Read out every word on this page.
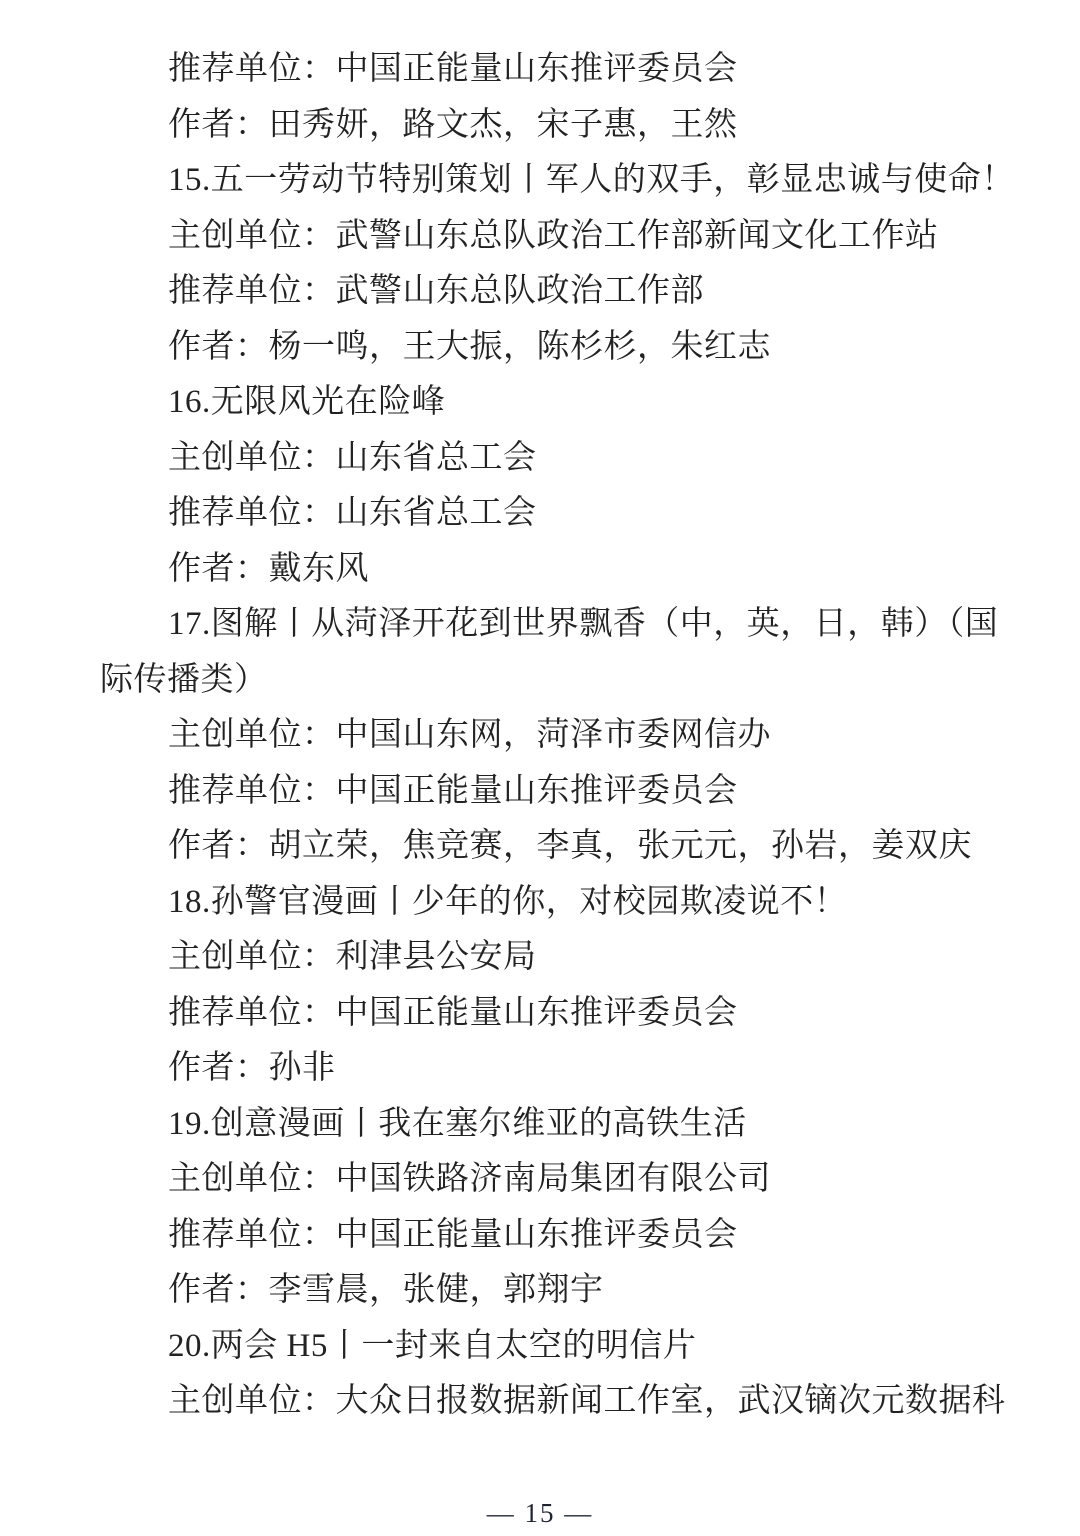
推荐单位：中国正能量山东推评委员会
作者：田秀妍，路文杰，宋子惠，王然
15.五一劳动节特别策划丨军人的双手，彰显忠诚与使命！
主创单位：武警山东总队政治工作部新闻文化工作站
推荐单位：武警山东总队政治工作部
作者：杨一鸣，王大振，陈杉杉，朱红志
16.无限风光在险峰
主创单位：山东省总工会
推荐单位：山东省总工会
作者：戴东风
17.图解丨从菏泽开花到世界飘香（中，英，日，韩）（国
际传播类）
主创单位：中国山东网，菏泽市委网信办
推荐单位：中国正能量山东推评委员会
作者：胡立荣，焦竞赛，李真，张元元，孙岩，姜双庆
18.孙警官漫画丨少年的你，对校园欺凌说不！
主创单位：利津县公安局
推荐单位：中国正能量山东推评委员会
作者：孙非
19.创意漫画丨我在塞尔维亚的高铁生活
主创单位：中国铁路济南局集团有限公司
推荐单位：中国正能量山东推评委员会
作者：李雪晨，张健，郭翔宇
20.两会 H5丨一封来自太空的明信片
主创单位：大众日报数据新闻工作室，武汉镝次元数据科
— 15 —
